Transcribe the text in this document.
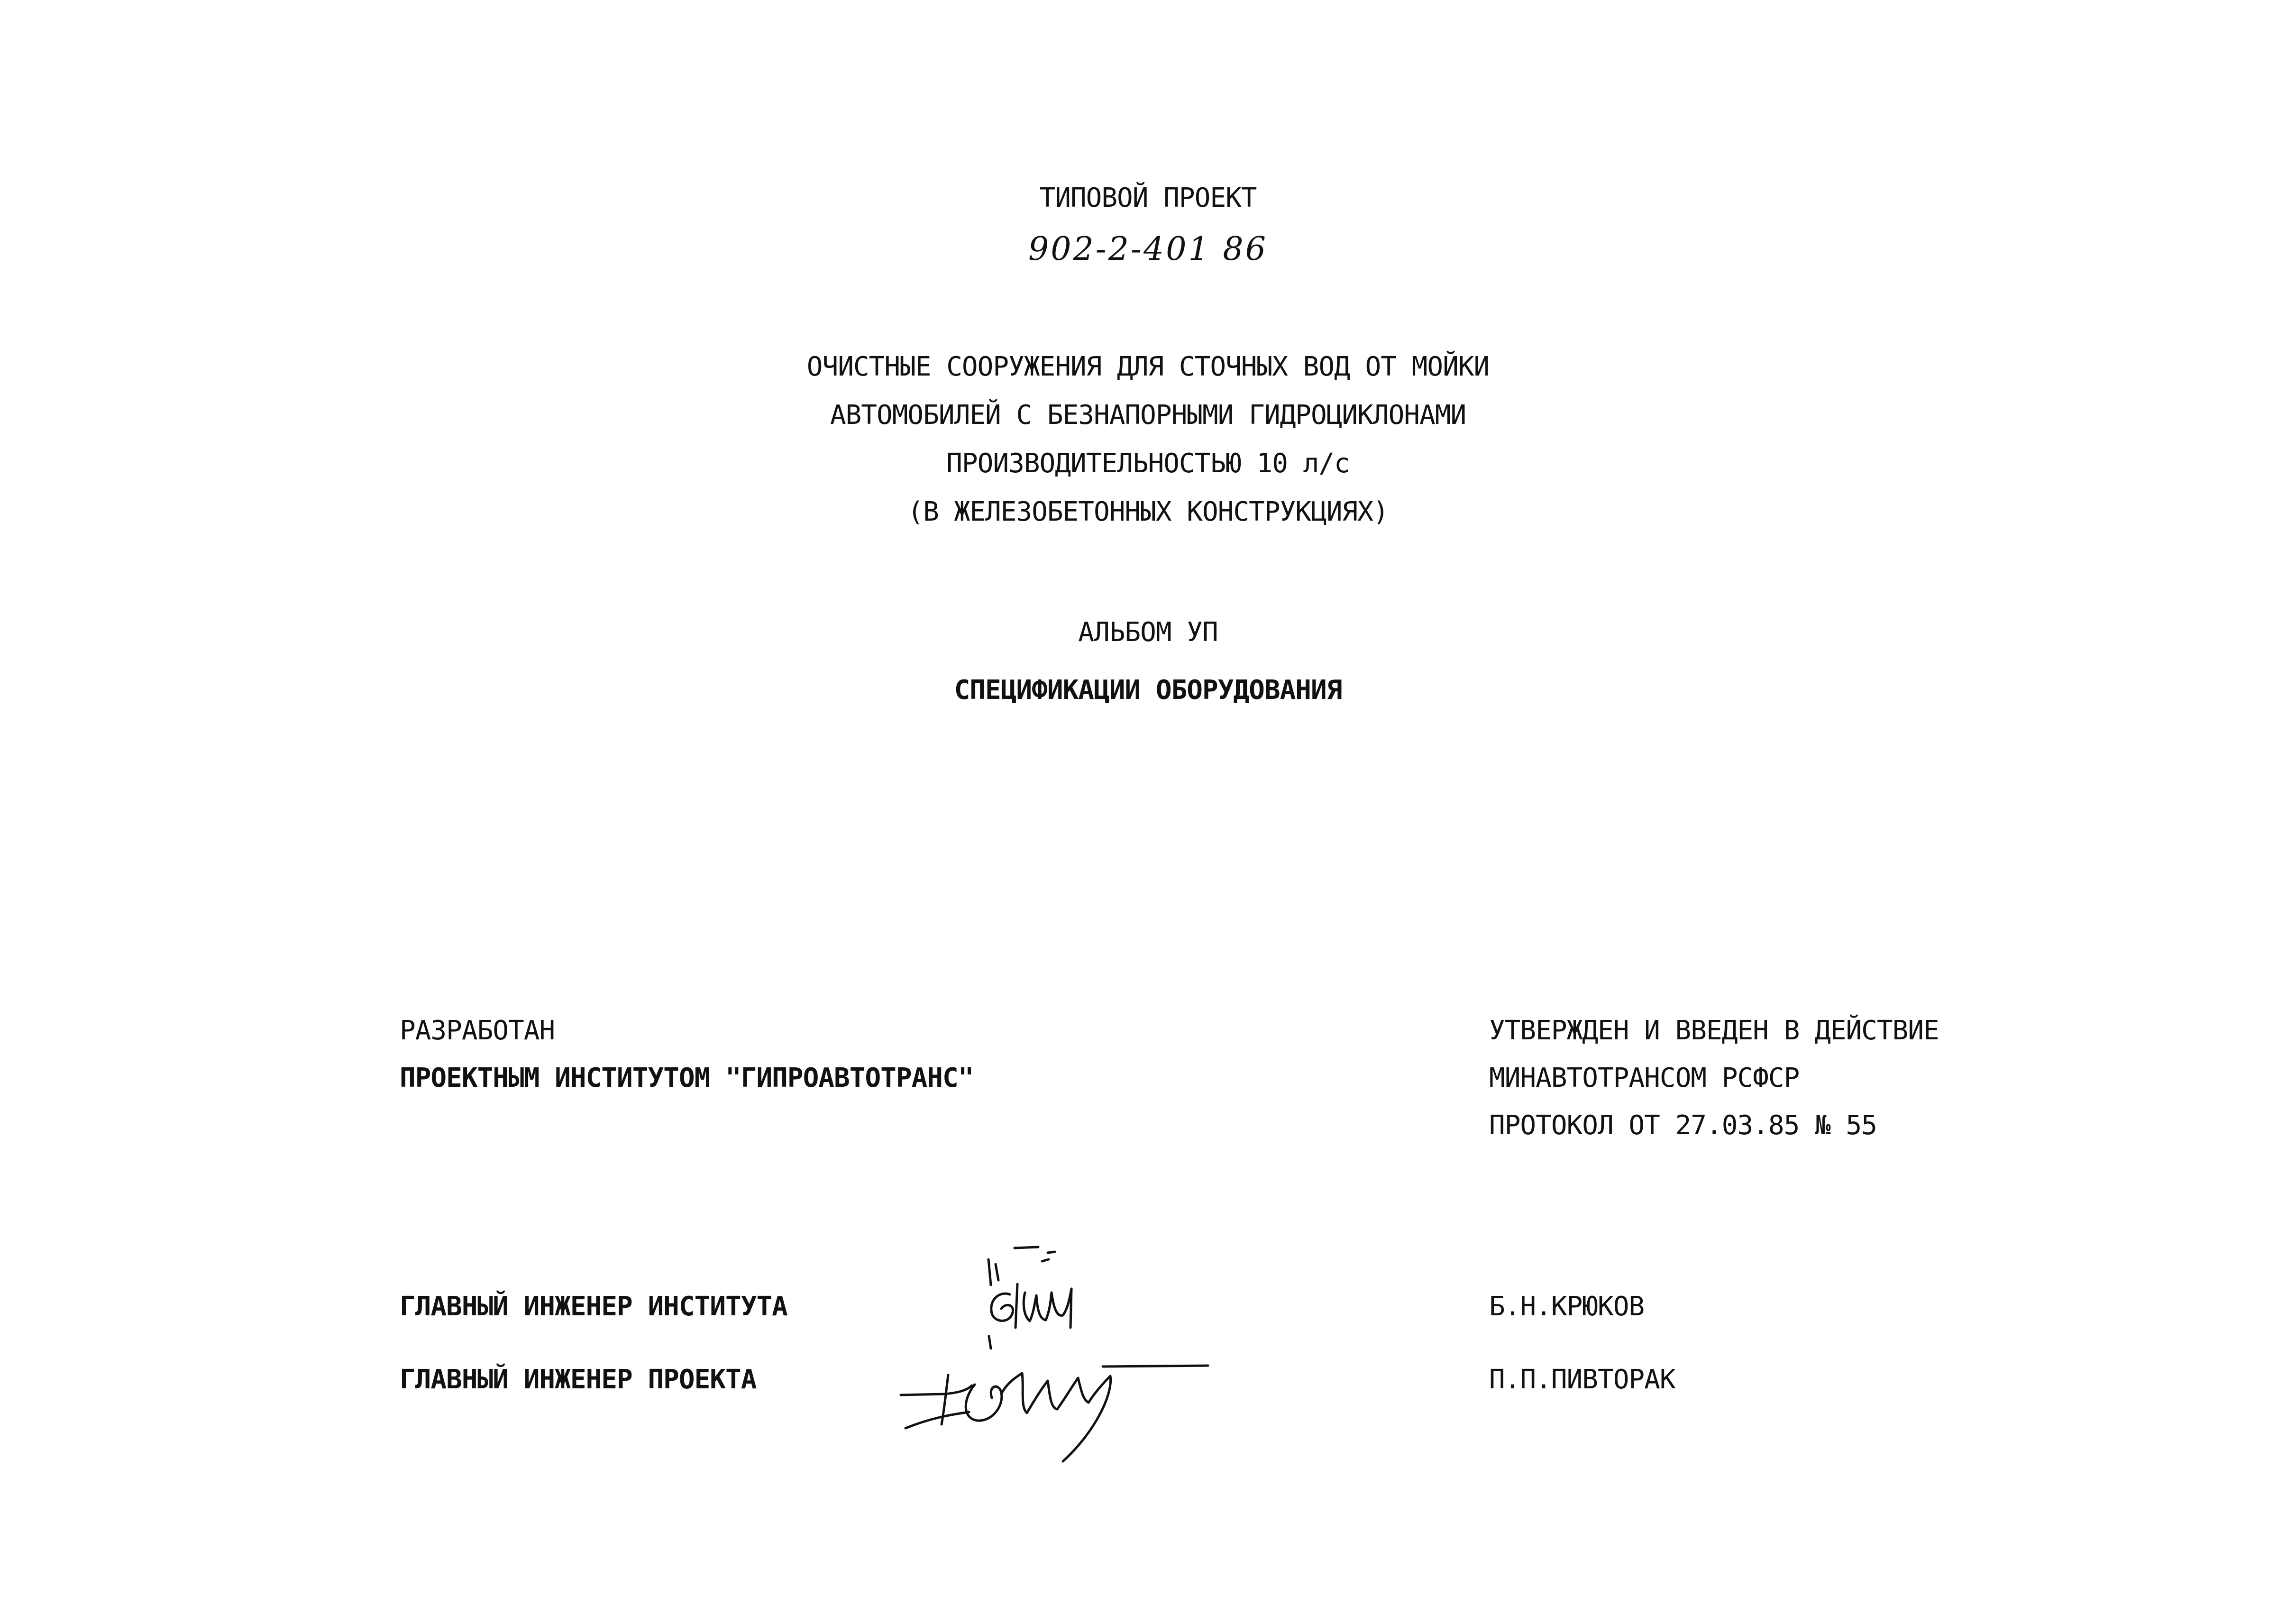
ТИПОВОЙ ПРОЕКТ
902-2-401 86
ОЧИСТНЫЕ СООРУЖЕНИЯ ДЛЯ СТОЧНЫХ ВОД ОТ МОЙКИ
АВТОМОБИЛЕЙ С БЕЗНАПОРНЫМИ ГИДРОЦИКЛОНАМИ
ПРОИЗВОДИТЕЛЬНОСТЬЮ 10 л/с
(В ЖЕЛЕЗОБЕТОННЫХ КОНСТРУКЦИЯХ)
АЛЬБОМ УП
СПЕЦИФИКАЦИИ ОБОРУДОВАНИЯ
РАЗРАБОТАН
ПРОЕКТНЫМ ИНСТИТУТОМ "ГИПРОАВТОТРАНС"
УТВЕРЖДЕН И ВВЕДЕН В ДЕЙСТВИЕ
МИНАВТОТРАНСОМ РСФСР
ПРОТОКОЛ ОТ 27.03.85 № 55
ГЛАВНЫЙ ИНЖЕНЕР ИНСТИТУТА	Б.Н.КРЮКОВ
ГЛАВНЫЙ ИНЖЕНЕР ПРОЕКТА	П.П.ПИВТОРАК
